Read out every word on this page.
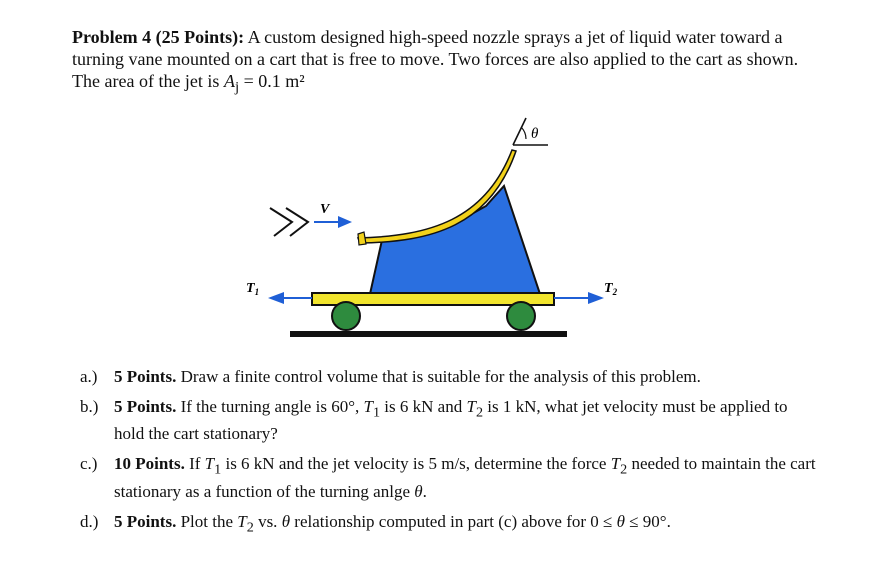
Problem 4 (25 Points): A custom designed high-speed nozzle sprays a jet of liquid water toward a turning vane mounted on a cart that is free to move. Two forces are also applied to the cart as shown. The area of the jet is $A_j = 0.1$ m²

θ
V
$T_1$	$T_2$
a.) 5 Points. Draw a finite control volume that is suitable for the analysis of this problem.
b.) 5 Points. If the turning angle is 60°, $T_1$ is 6 kN and $T_2$ is 1 kN, what jet velocity must be applied to hold the cart stationary?
c.) 10 Points. If $T_1$ is 6 kN and the jet velocity is 5 m/s, determine the force $T_2$ needed to maintain the cart stationary as a function of the turning anlge θ.
d.) 5 Points. Plot the $T_2$ vs. θ relationship computed in part (c) above for 0 ≤ θ ≤ 90°.
